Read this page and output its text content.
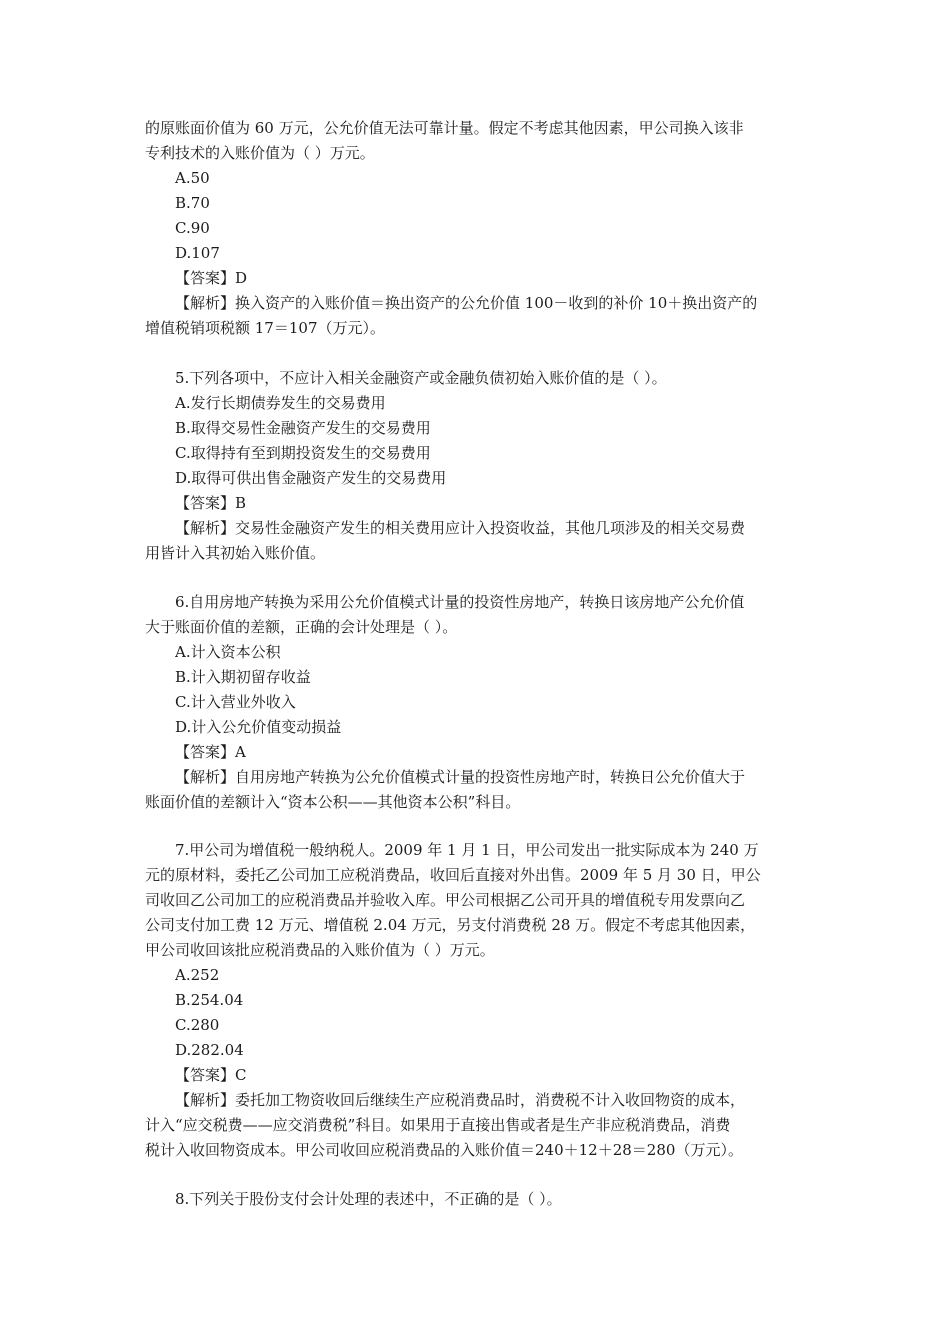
的原账面价值为 60 万元，公允价值无法可靠计量。假定不考虑其他因素，甲公司换入该非
专利技术的入账价值为（ ）万元。
A.50
B.70
C.90
D.107
【答案】D
【解析】换入资产的入账价值＝换出资产的公允价值 100－收到的补价 10＋换出资产的
增值税销项税额 17＝107（万元）。
5.下列各项中，不应计入相关金融资产或金融负债初始入账价值的是（ ）。
A.发行长期债券发生的交易费用
B.取得交易性金融资产发生的交易费用
C.取得持有至到期投资发生的交易费用
D.取得可供出售金融资产发生的交易费用
【答案】B
【解析】交易性金融资产发生的相关费用应计入投资收益，其他几项涉及的相关交易费
用皆计入其初始入账价值。
6.自用房地产转换为采用公允价值模式计量的投资性房地产，转换日该房地产公允价值
大于账面价值的差额，正确的会计处理是（ ）。
A.计入资本公积
B.计入期初留存收益
C.计入营业外收入
D.计入公允价值变动损益
【答案】A
【解析】自用房地产转换为公允价值模式计量的投资性房地产时，转换日公允价值大于
账面价值的差额计入“资本公积——其他资本公积”科目。
7.甲公司为增值税一般纳税人。2009 年 1 月 1 日，甲公司发出一批实际成本为 240 万
元的原材料，委托乙公司加工应税消费品，收回后直接对外出售。2009 年 5 月 30 日，甲公
司收回乙公司加工的应税消费品并验收入库。甲公司根据乙公司开具的增值税专用发票向乙
公司支付加工费 12 万元、增值税 2.04 万元，另支付消费税 28 万。假定不考虑其他因素，
甲公司收回该批应税消费品的入账价值为（ ）万元。
A.252
B.254.04
C.280
D.282.04
【答案】C
【解析】委托加工物资收回后继续生产应税消费品时，消费税不计入收回物资的成本，
计入“应交税费——应交消费税”科目。如果用于直接出售或者是生产非应税消费品，消费
税计入收回物资成本。甲公司收回应税消费品的入账价值＝240＋12＋28＝280（万元）。
8.下列关于股份支付会计处理的表述中，不正确的是（ ）。
